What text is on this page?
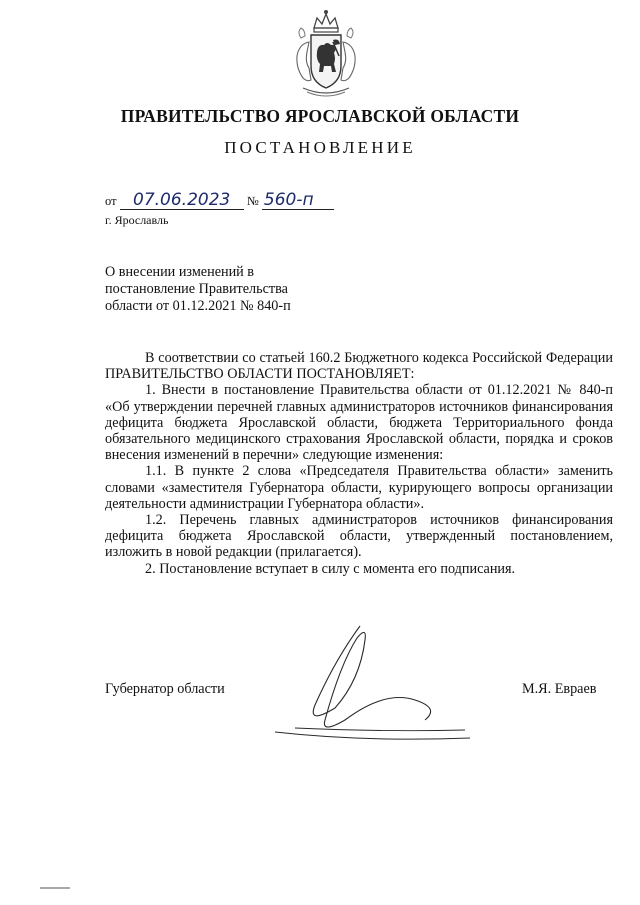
ПРАВИТЕЛЬСТВО ЯРОСЛАВСКОЙ ОБЛАСТИ
ПОСТАНОВЛЕНИЕ
от 07.06.2023 № 560-п
г. Ярославль
О внесении изменений в постановление Правительства области от 01.12.2021 № 840-п

В соответствии со статьей 160.2 Бюджетного кодекса Российской Федерации

ПРАВИТЕЛЬСТВО ОБЛАСТИ ПОСТАНОВЛЯЕТ:

1. Внести в постановление Правительства области от 01.12.2021 № 840-п «Об утверждении перечней главных администраторов источников финансирования дефицита бюджета Ярославской области, бюджета Территориального фонда обязательного медицинского страхования Ярославской области, порядка и сроков внесения изменений в перечни» следующие изменения:

1.1. В пункте 2 слова «Председателя Правительства области» заменить словами «заместителя Губернатора области, курирующего вопросы организации деятельности администрации Губернатора области».

1.2. Перечень главных администраторов источников финансирования дефицита бюджета Ярославской области, утвержденный постановлением, изложить в новой редакции (прилагается).

2. Постановление вступает в силу с момента его подписания.

Губернатор области	М.Я. Евраев
